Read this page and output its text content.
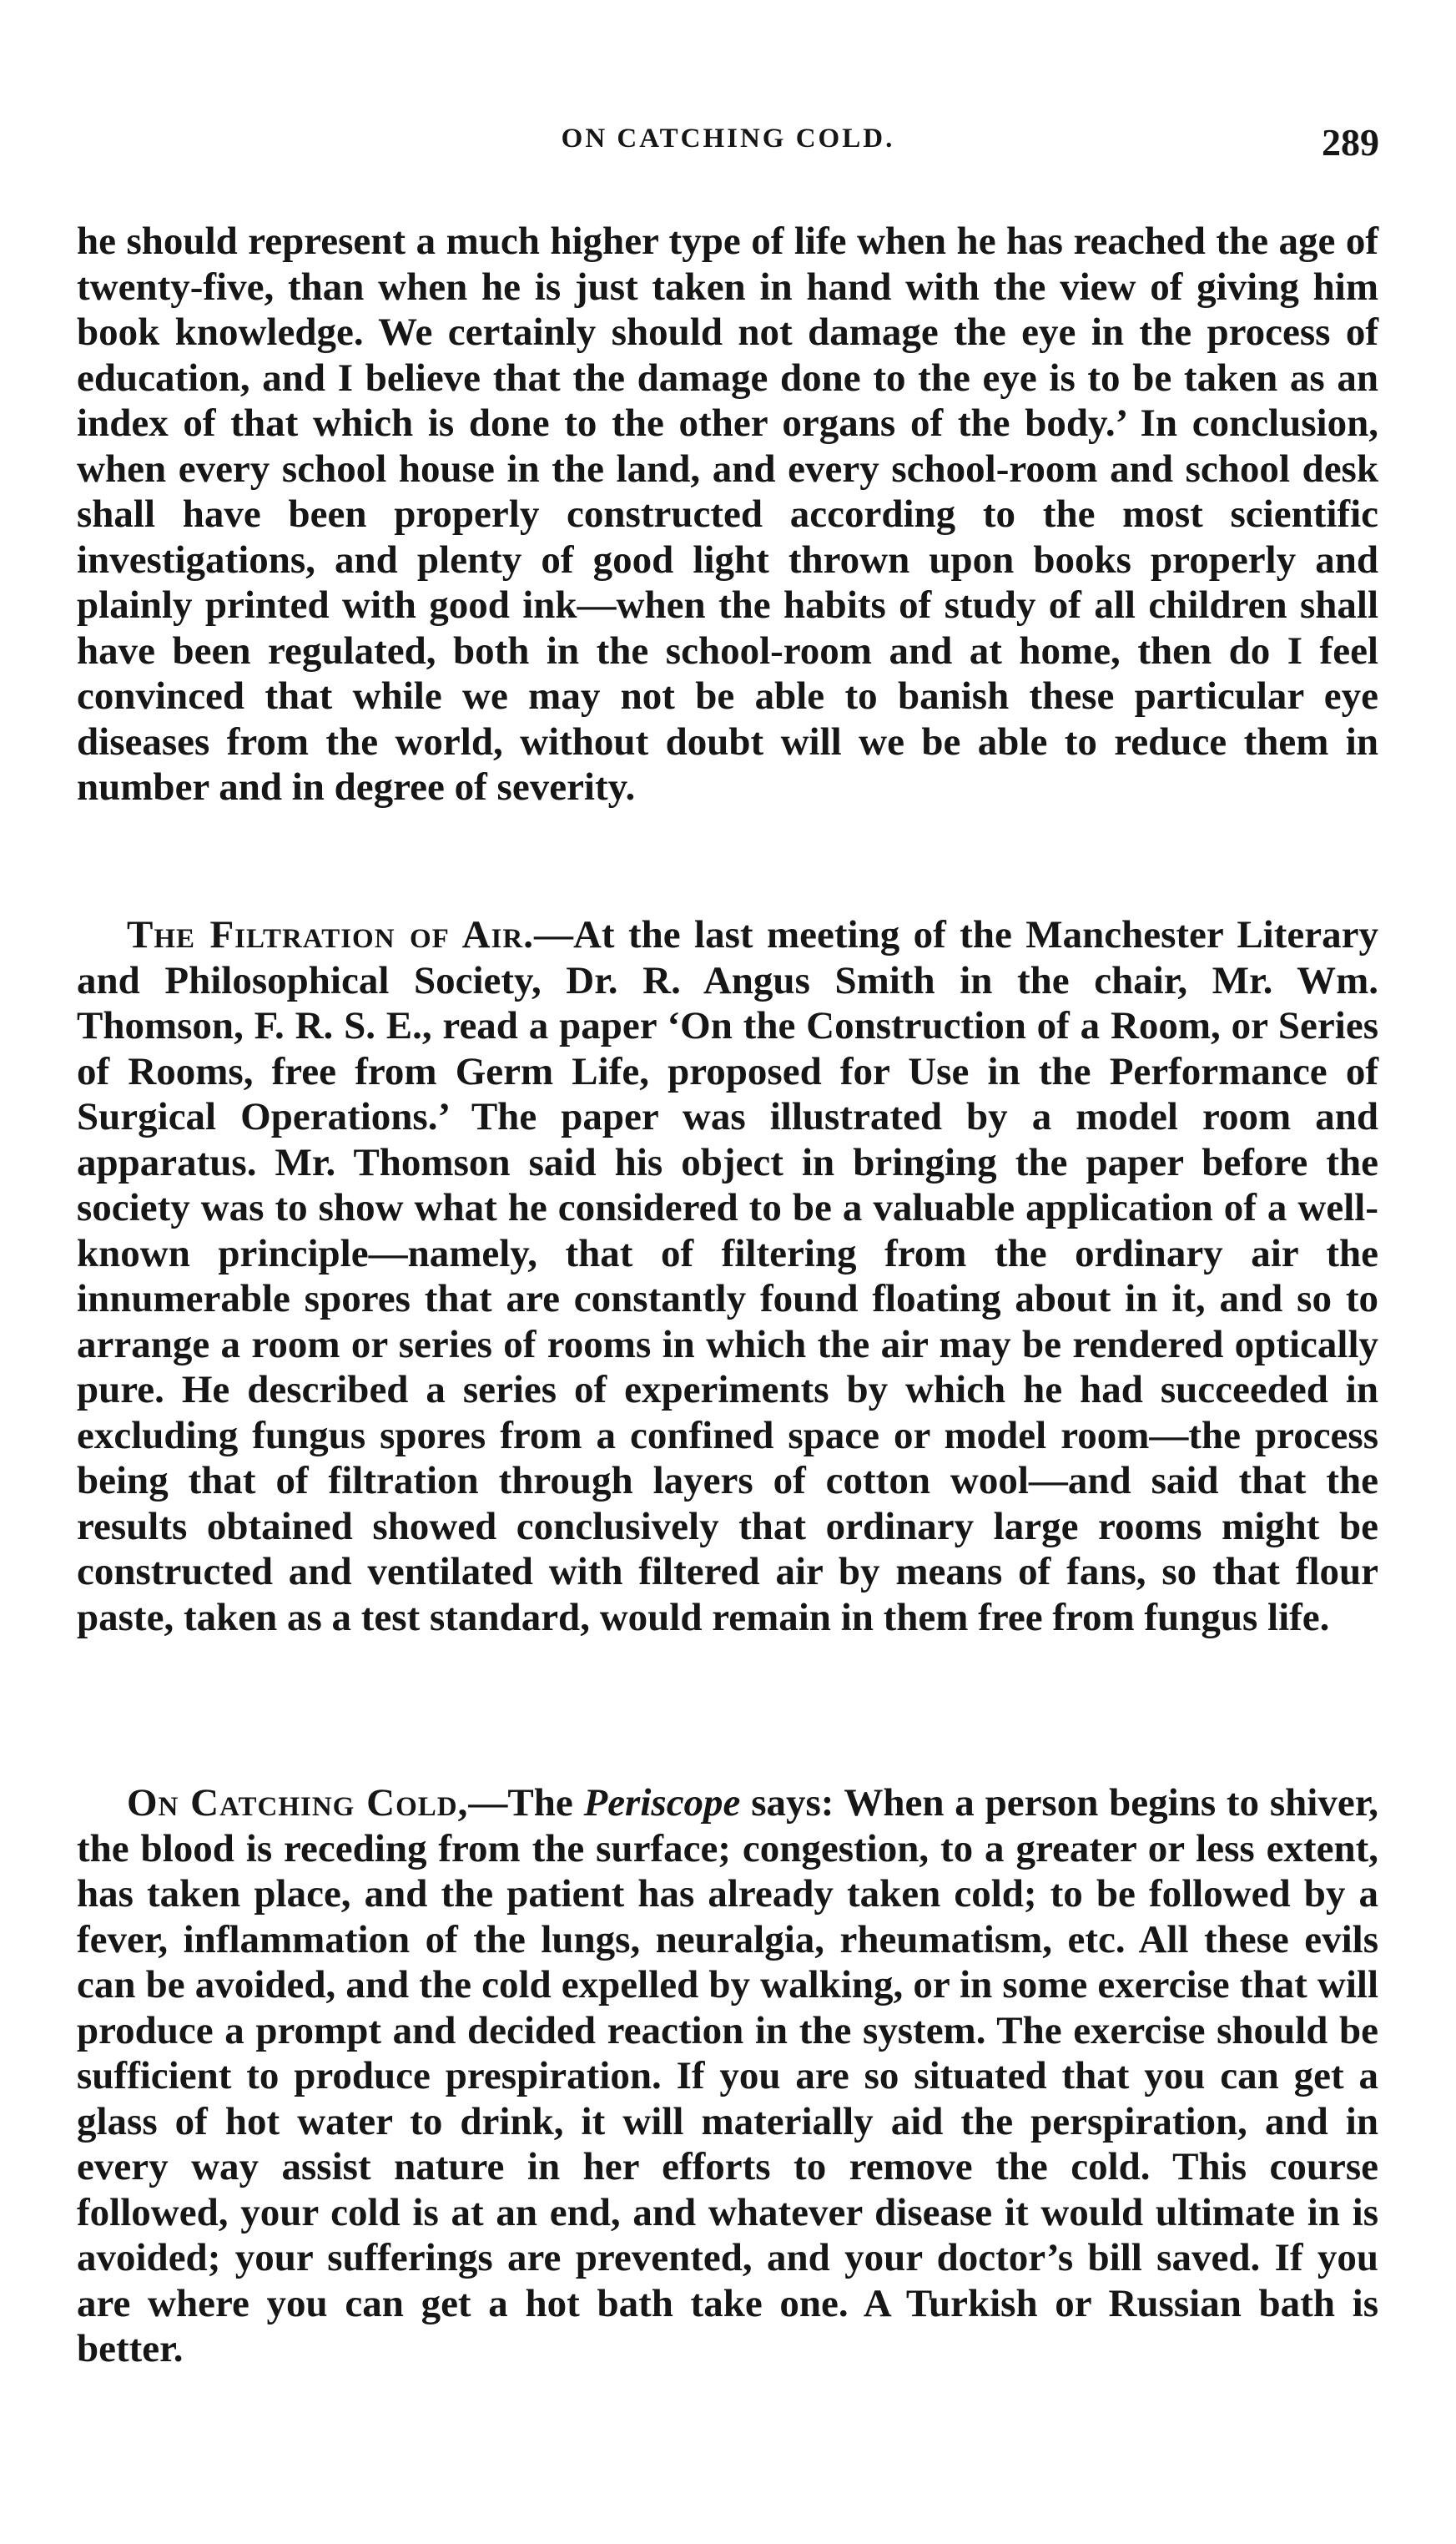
ON CATCHING COLD.	289

he should represent a much higher type of life when he has reached the age of twenty-five, than when he is just taken in hand with the view of giving him book knowledge. We certainly should not damage the eye in the process of education, and I believe that the damage done to the eye is to be taken as an index of that which is done to the other organs of the body.’ In conclusion, when every school house in the land, and every school-room and school desk shall have been properly constructed according to the most scientific investigations, and plenty of good light thrown upon books properly and plainly printed with good ink—when the habits of study of all children shall have been regulated, both in the school-room and at home, then do I feel convinced that while we may not be able to banish these particular eye diseases from the world, without doubt will we be able to reduce them in number and in degree of severity.

The Filtration of Air.—At the last meeting of the Manchester Literary and Philosophical Society, Dr. R. Angus Smith in the chair, Mr. Wm. Thomson, F. R. S. E., read a paper ‘On the Construction of a Room, or Series of Rooms, free from Germ Life, proposed for Use in the Performance of Surgical Operations.’ The paper was illustrated by a model room and apparatus. Mr. Thomson said his object in bringing the paper before the society was to show what he considered to be a valuable application of a well-known principle—namely, that of filtering from the ordinary air the innumerable spores that are constantly found floating about in it, and so to arrange a room or series of rooms in which the air may be rendered optically pure. He described a series of experiments by which he had succeeded in excluding fungus spores from a confined space or model room—the process being that of filtration through layers of cotton wool—and said that the results obtained showed conclusively that ordinary large rooms might be constructed and ventilated with filtered air by means of fans, so that flour paste, taken as a test standard, would remain in them free from fungus life.

On Catching Cold,—The Periscope says: When a person begins to shiver, the blood is receding from the surface; congestion, to a greater or less extent, has taken place, and the patient has already taken cold; to be followed by a fever, inflammation of the lungs, neuralgia, rheumatism, etc. All these evils can be avoided, and the cold expelled by walking, or in some exercise that will produce a prompt and decided reaction in the system. The exercise should be sufficient to produce prespiration. If you are so situated that you can get a glass of hot water to drink, it will materially aid the perspiration, and in every way assist nature in her efforts to remove the cold. This course followed, your cold is at an end, and whatever disease it would ultimate in is avoided; your sufferings are prevented, and your doctor’s bill saved. If you are where you can get a hot bath take one. A Turkish or Russian bath is better.
